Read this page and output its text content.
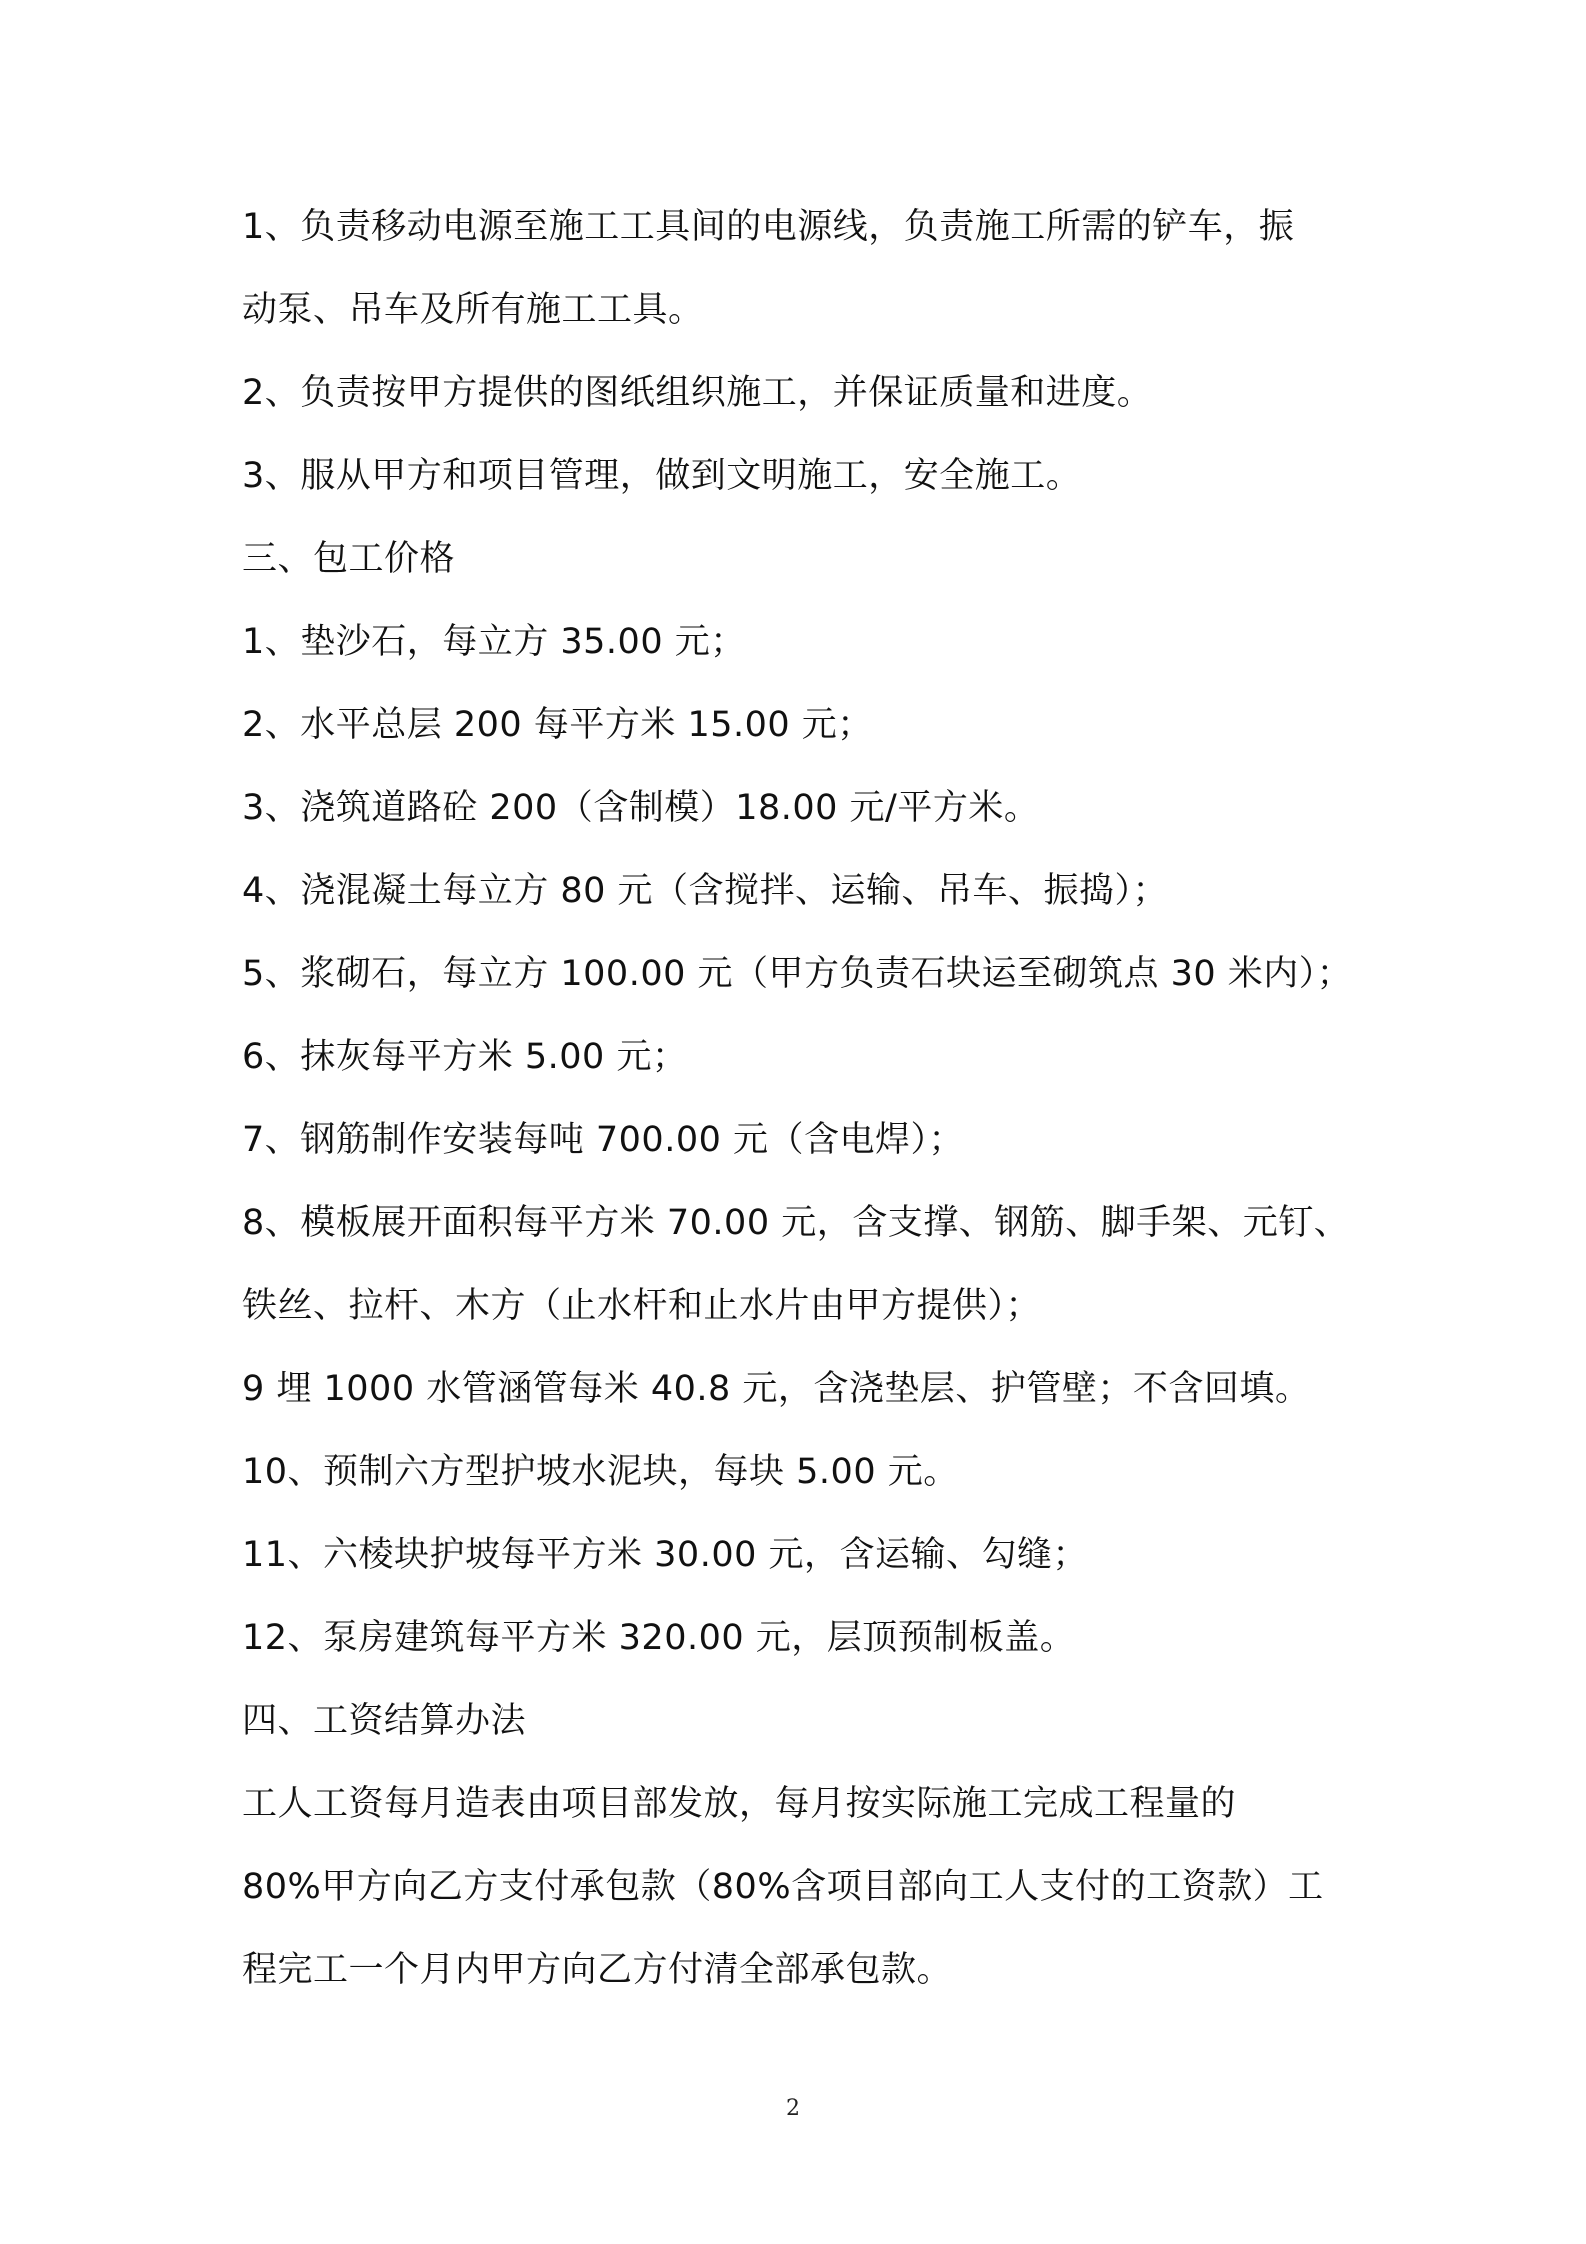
1、负责移动电源至施工工具间的电源线，负责施工所需的铲车，振
动泵、吊车及所有施工工具。
2、负责按甲方提供的图纸组织施工，并保证质量和进度。
3、服从甲方和项目管理，做到文明施工，安全施工。
三、包工价格
1、垫沙石，每立方 35.00 元；
2、水平总层 200 每平方米 15.00 元；
3、浇筑道路砼 200（含制模）18.00 元/平方米。
4、浇混凝土每立方 80 元（含搅拌、运输、吊车、振捣）；
5、浆砌石，每立方 100.00 元（甲方负责石块运至砌筑点 30 米内）；
6、抹灰每平方米 5.00 元；
7、钢筋制作安装每吨 700.00 元（含电焊）；
8、模板展开面积每平方米 70.00 元，含支撑、钢筋、脚手架、元钉、
铁丝、拉杆、木方（止水杆和止水片由甲方提供）；
9 埋 1000 水管涵管每米 40.8 元，含浇垫层、护管壁；不含回填。
10、预制六方型护坡水泥块，每块 5.00 元。
11、六棱块护坡每平方米 30.00 元，含运输、勾缝；
12、泵房建筑每平方米 320.00 元，层顶预制板盖。
四、工资结算办法
工人工资每月造表由项目部发放，每月按实际施工完成工程量的
80%甲方向乙方支付承包款（80%含项目部向工人支付的工资款）工
程完工一个月内甲方向乙方付清全部承包款。
2
